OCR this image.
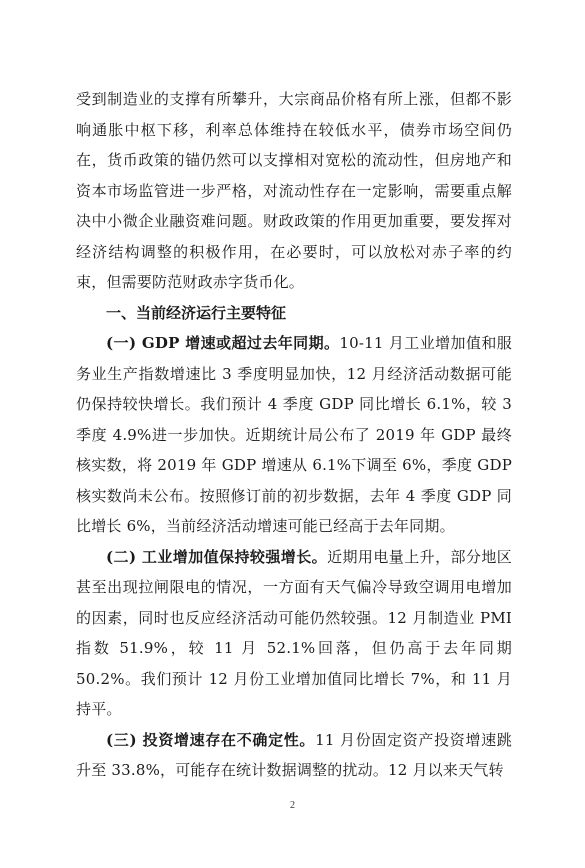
受到制造业的支撑有所攀升，大宗商品价格有所上涨，但都不影响通胀中枢下移，利率总体维持在较低水平，债券市场空间仍在，货币政策的锚仍然可以支撑相对宽松的流动性，但房地产和资本市场监管进一步严格，对流动性存在一定影响，需要重点解决中小微企业融资难问题。财政政策的作用更加重要，要发挥对经济结构调整的积极作用，在必要时，可以放松对赤子率的约束，但需要防范财政赤字货币化。

一、当前经济运行主要特征

(一) GDP 增速或超过去年同期。10-11 月工业增加值和服务业生产指数增速比 3 季度明显加快，12 月经济活动数据可能仍保持较快增长。我们预计 4 季度 GDP 同比增长 6.1%，较 3 季度 4.9%进一步加快。近期统计局公布了 2019 年 GDP 最终核实数，将 2019 年 GDP 增速从 6.1%下调至 6%，季度 GDP 核实数尚未公布。按照修订前的初步数据，去年 4 季度 GDP 同比增长 6%，当前经济活动增速可能已经高于去年同期。

(二) 工业增加值保持较强增长。近期用电量上升，部分地区甚至出现拉闸限电的情况，一方面有天气偏冷导致空调用电增加的因素，同时也反应经济活动可能仍然较强。12 月制造业 PMI 指数 51.9%，较 11 月 52.1%回落，但仍高于去年同期 50.2%。我们预计 12 月份工业增加值同比增长 7%，和 11 月持平。

(三) 投资增速存在不确定性。11 月份固定资产投资增速跳升至 33.8%，可能存在统计数据调整的扰动。12 月以来天气转

2
